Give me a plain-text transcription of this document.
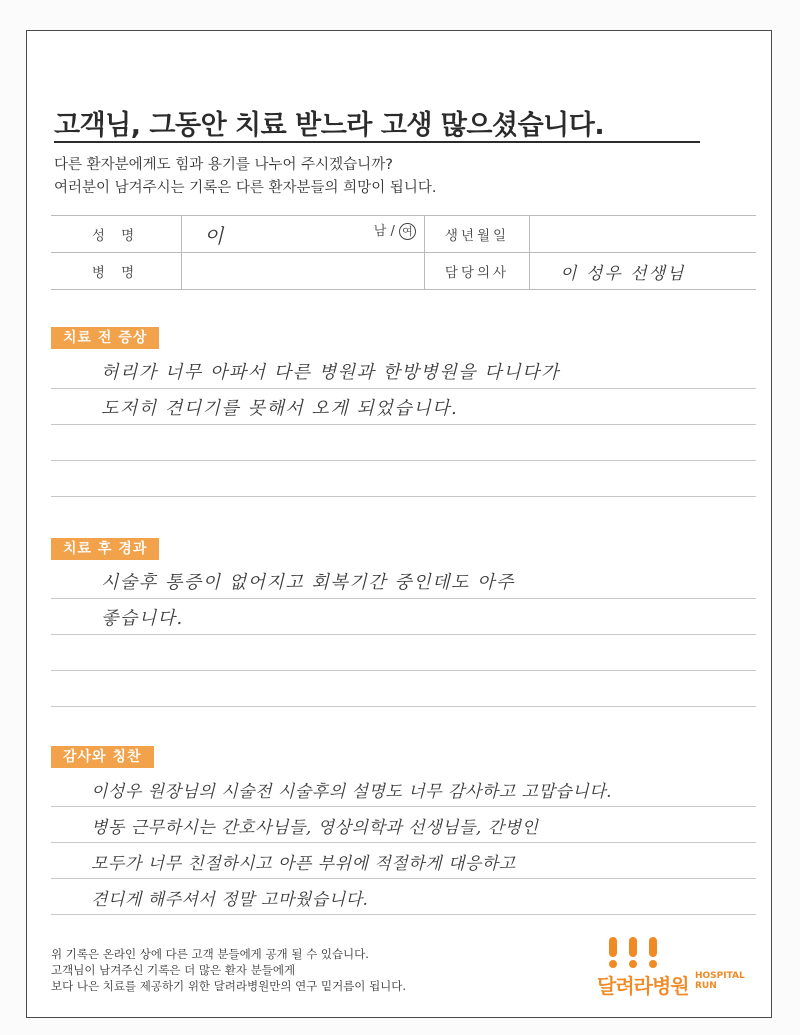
고객님, 그동안 치료 받느라 고생 많으셨습니다.
다른 환자분에게도 힘과 용기를 나누어 주시겠습니까?
여러분이 남겨주시는 기록은 다른 환자분들의 희망이 됩니다.
성 명	이 남 / 여	생년월일	
병 명		담당의사	이 성우 선생님
치료 전 증상
허리가 너무 아파서 다른 병원과 한방병원을 다니다가
도저히 견디기를 못해서 오게 되었습니다.
치료 후 경과
시술후 통증이 없어지고 회복기간 중인데도 아주
좋습니다.
감사와 칭찬
이성우 원장님의 시술전 시술후의 설명도 너무 감사하고 고맙습니다.
병동 근무하시는 간호사님들, 영상의학과 선생님들, 간병인
모두가 너무 친절하시고 아픈 부위에 적절하게 대응하고
견디게 해주셔서 정말 고마웠습니다.
위 기록은 온라인 상에 다른 고객 분들에게 공개 될 수 있습니다.
고객님이 남겨주신 기록은 더 많은 환자 분들에게
보다 나은 치료를 제공하기 위한 달려라병원만의 연구 밑거름이 됩니다.	달려라병원 HOSPITAL
RUN
